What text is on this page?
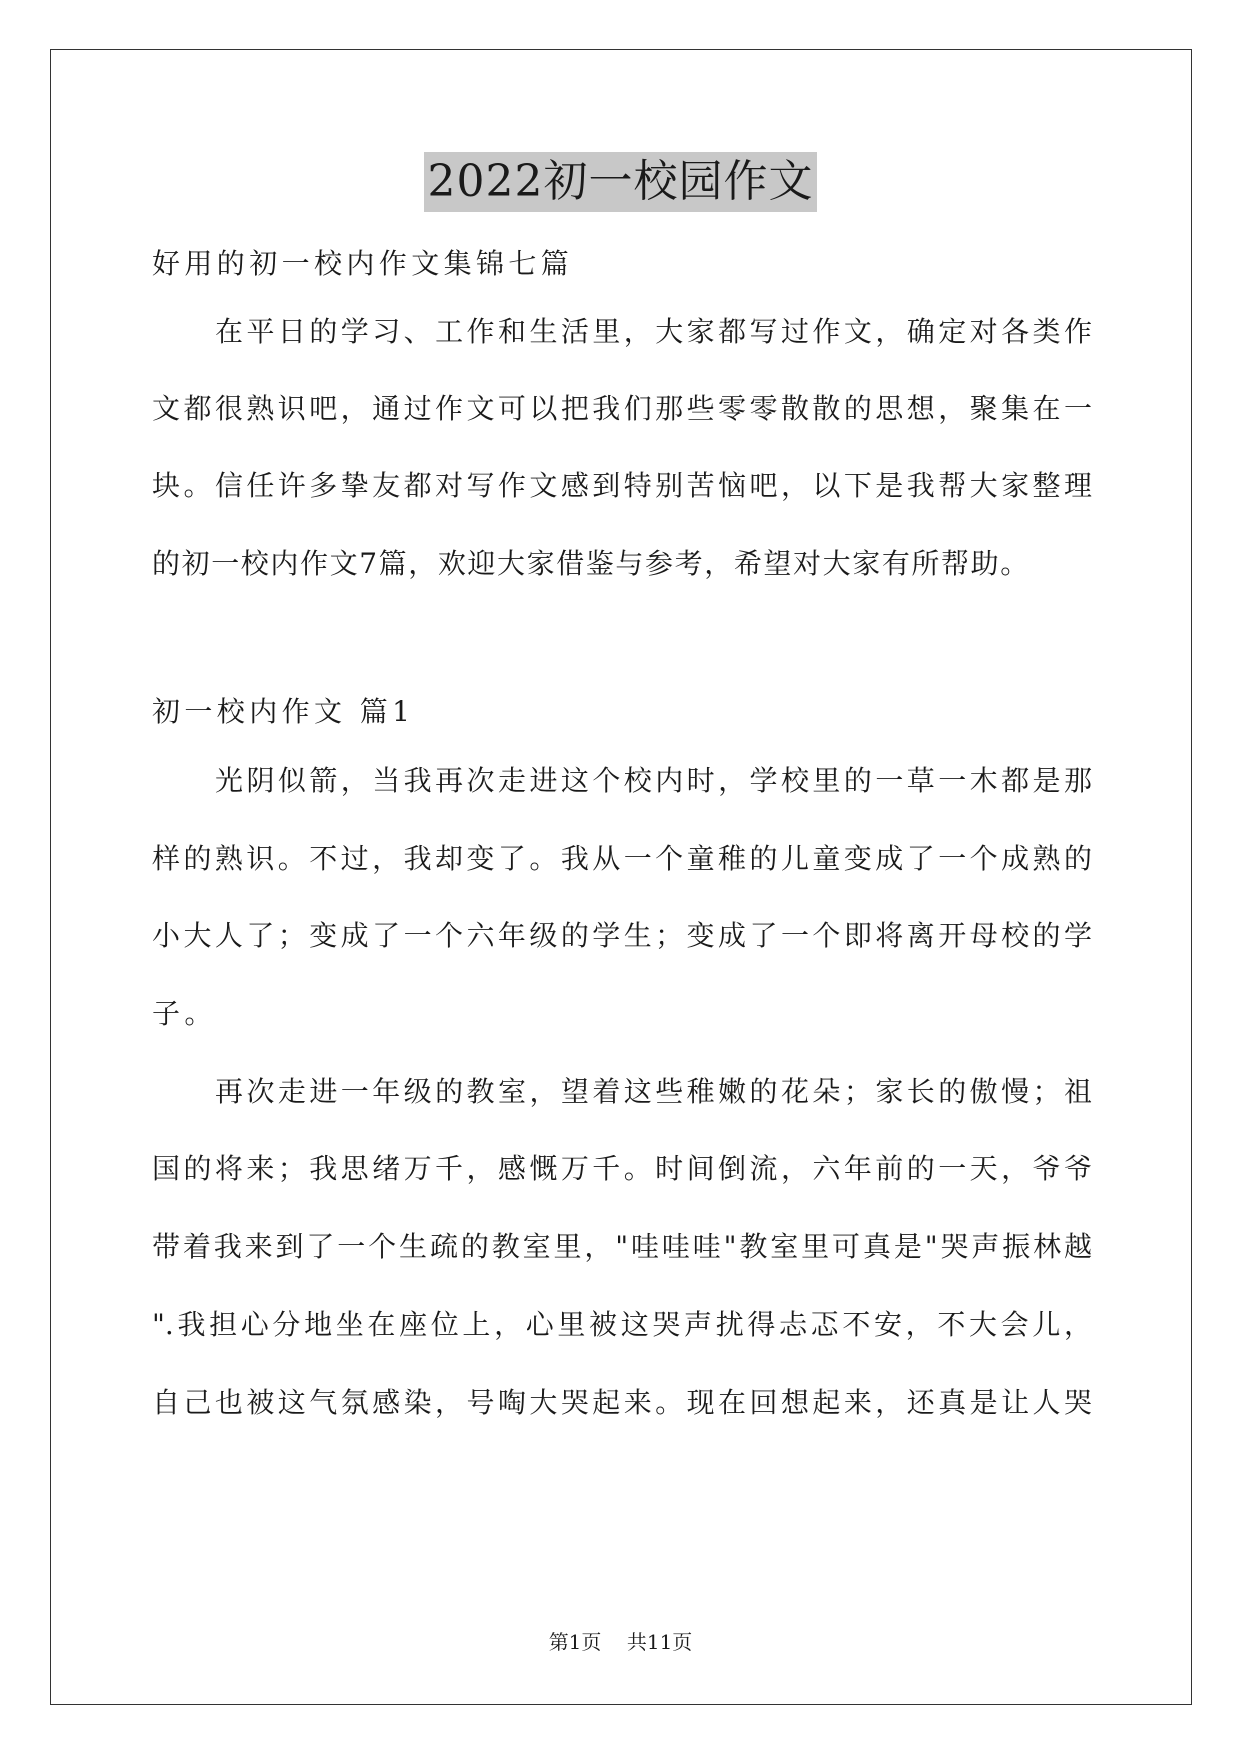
2022初一校园作文
好用的初一校内作文集锦七篇
在平日的学习、工作和生活里，大家都写过作文，确定对各类作
文都很熟识吧，通过作文可以把我们那些零零散散的思想，聚集在一
块。信任许多挚友都对写作文感到特别苦恼吧，以下是我帮大家整理
的初一校内作文7篇，欢迎大家借鉴与参考，希望对大家有所帮助。
初一校内作文 篇1
光阴似箭，当我再次走进这个校内时，学校里的一草一木都是那
样的熟识。不过，我却变了。我从一个童稚的儿童变成了一个成熟的
小大人了；变成了一个六年级的学生；变成了一个即将离开母校的学
子。
再次走进一年级的教室，望着这些稚嫩的花朵；家长的傲慢；祖
国的将来；我思绪万千，感慨万千。时间倒流，六年前的一天，爷爷
带着我来到了一个生疏的教室里，"哇哇哇"教室里可真是"哭声振林越
".我担心分地坐在座位上，心里被这哭声扰得忐忑不安，不大会儿，
自己也被这气氛感染，号啕大哭起来。现在回想起来，还真是让人哭
第1页    共11页
